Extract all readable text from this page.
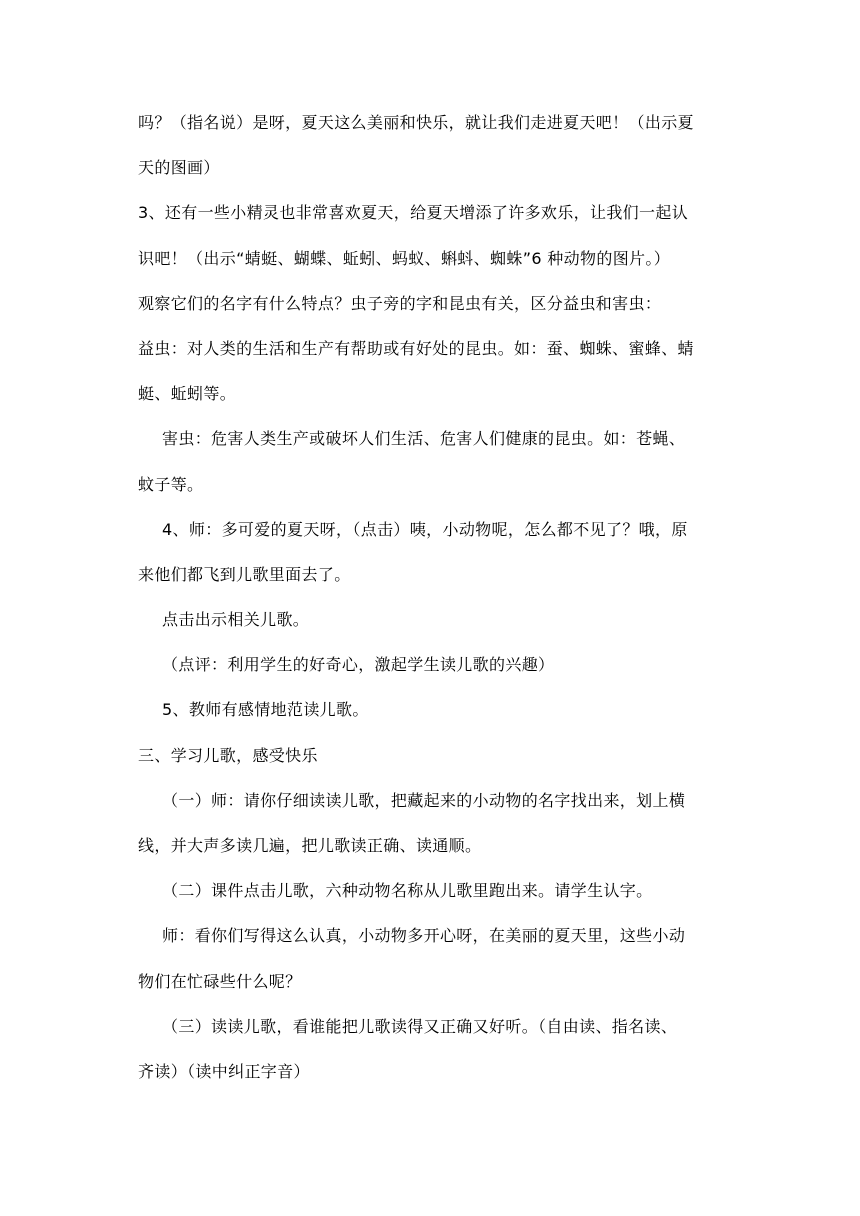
吗？（指名说）是呀，夏天这么美丽和快乐，就让我们走进夏天吧！（出示夏
天的图画）
3、还有一些小精灵也非常喜欢夏天，给夏天增添了许多欢乐，让我们一起认
识吧！（出示“蜻蜓、蝴蝶、蚯蚓、蚂蚁、蝌蚪、蜘蛛”6 种动物的图片。）
观察它们的名字有什么特点？虫子旁的字和昆虫有关，区分益虫和害虫：
益虫：对人类的生活和生产有帮助或有好处的昆虫。如：蚕、蜘蛛、蜜蜂、蜻
蜓、蚯蚓等。
害虫：危害人类生产或破坏人们生活、危害人们健康的昆虫。如：苍蝇、
蚊子等。
4、师：多可爱的夏天呀，（点击）咦，小动物呢，怎么都不见了？哦，原
来他们都飞到儿歌里面去了。
点击出示相关儿歌。
（点评：利用学生的好奇心，激起学生读儿歌的兴趣）
5、教师有感情地范读儿歌。
三、学习儿歌，感受快乐
（一）师：请你仔细读读儿歌，把藏起来的小动物的名字找出来，划上横
线，并大声多读几遍，把儿歌读正确、读通顺。
（二）课件点击儿歌，六种动物名称从儿歌里跑出来。请学生认字。
师：看你们写得这么认真，小动物多开心呀，在美丽的夏天里，这些小动
物们在忙碌些什么呢？
（三）读读儿歌，看谁能把儿歌读得又正确又好听。（自由读、指名读、
齐读）（读中纠正字音）
